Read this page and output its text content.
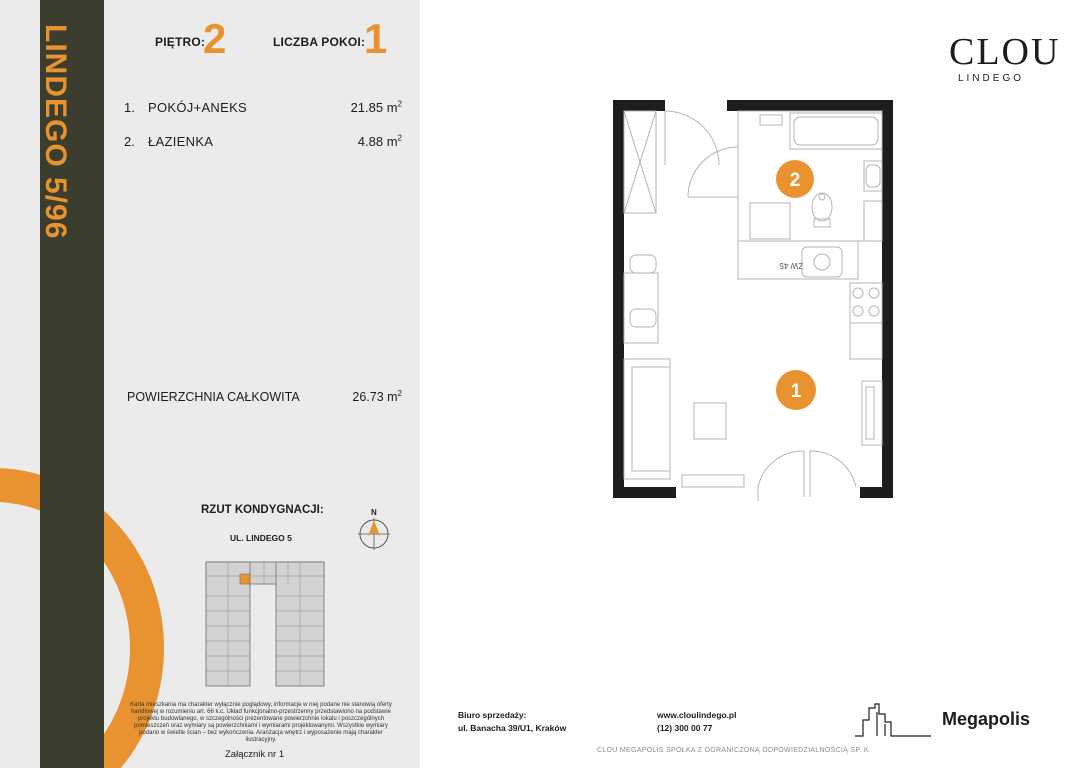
LINDEGO 5/96	PIĘTRO:
2	LICZBA POKOI:
1
1. POKÓJ+ANEKS	21.85 $m^2$
2. ŁAZIENKA	4.88 $m^2$
POWIERZCHNIA CAŁKOWITA	26.73 $m^2$
RZUT KONDYGNACJI:
UL. LINDEGO 5
N
Karta mieszkania ma charakter wyłącznie poglądowy, informacje w niej podane nie stanowią oferty handlowej w rozumieniu art. 66 k.c. Układ funkcjonalno-przestrzenny przedstawiono na podstawie projektu budowlanego, w szczególności prezentowane powierzchnie lokalu i poszczególnych pomieszczeń oraz wymiary są powierzchniami i wymiarami projektowanymi. Wszystkie wymiary podano w świetle ścian – bez wykończenia. Aranżacja wnętrz i wyposażenie mają charakter ilustracyjny.
Załącznik nr 1
CLOU
LINDEGO
ZW 45
2
1
Biuro sprzedaży:
ul. Banacha 39/U1, Kraków
www.cloulindego.pl
(12) 300 00 77
CLOU MEGAPOLIS SPÓŁKA Z OGRANICZONĄ ODPOWIEDZIALNOŚCIĄ SP. K.
Megapolis
